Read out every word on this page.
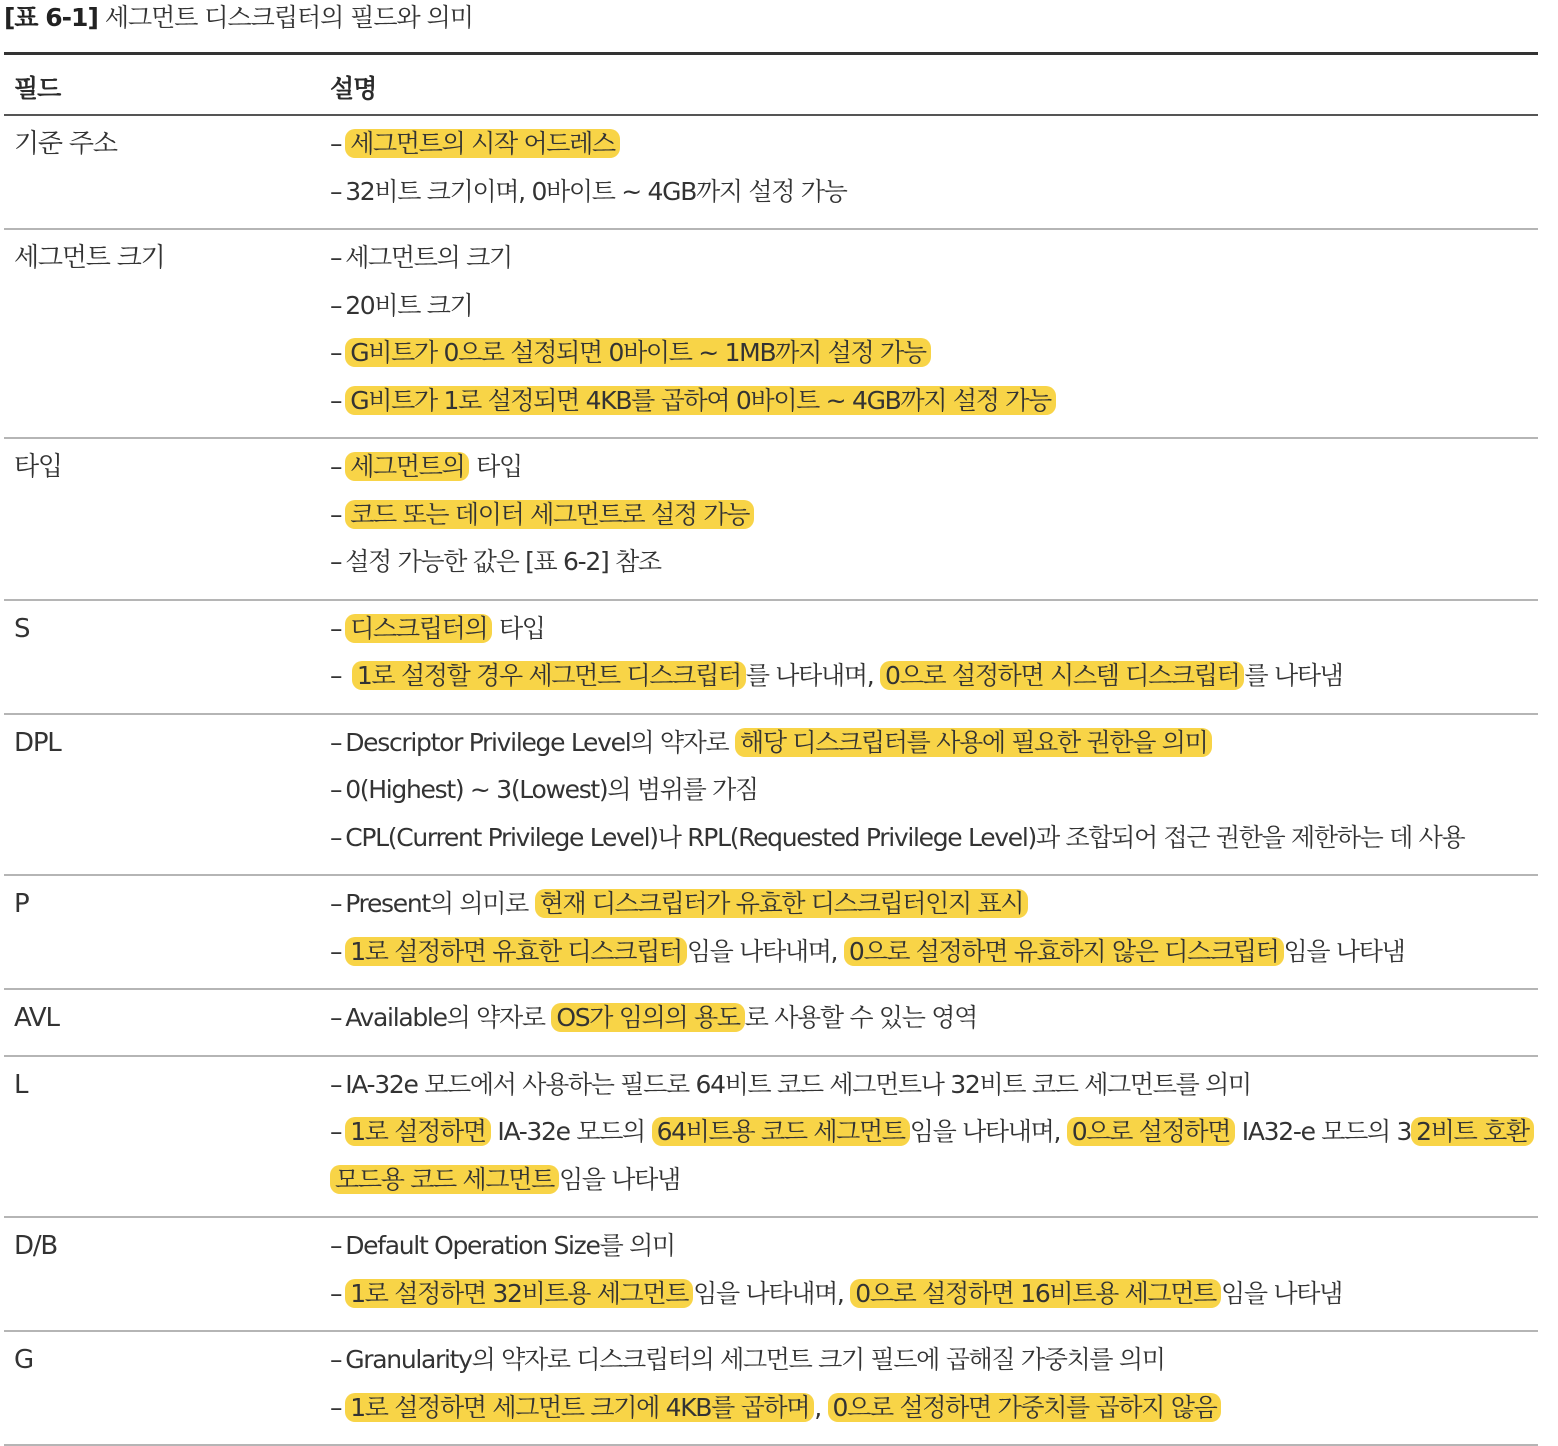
[표 6-1] 세그먼트 디스크립터의 필드와 의미
필드	설명
기준 주소	– 세그먼트의 시작 어드레스
– 32비트 크기이며, 0바이트 ~ 4GB까지 설정 가능
세그먼트 크기	– 세그먼트의 크기
– 20비트 크기
– G비트가 0으로 설정되면 0바이트 ~ 1MB까지 설정 가능
– G비트가 1로 설정되면 4KB를 곱하여 0바이트 ~ 4GB까지 설정 가능
타입	– 세그먼트의 타입
– 코드 또는 데이터 세그먼트로 설정 가능
– 설정 가능한 값은 [표 6-2] 참조
S	– 디스크립터의 타입
– 1로 설정할 경우 세그먼트 디스크립터 를 나타내며, 0으로 설정하면 시스템 디스크립터 를 나타냄
DPL	– Descriptor Privilege Level의 약자로 해당 디스크립터를 사용에 필요한 권한을 의미
– 0(Highest) ~ 3(Lowest)의 범위를 가짐
– CPL(Current Privilege Level)나 RPL(Requested Privilege Level)과 조합되어 접근 권한을 제한하는 데 사용
P	– Present의 의미로 현재 디스크립터가 유효한 디스크립터인지 표시
– 1로 설정하면 유효한 디스크립터 임을 나타내며, 0으로 설정하면 유효하지 않은 디스크립터 임을 나타냄
AVL	– Available의 약자로 OS가 임의의 용도 로 사용할 수 있는 영역
L	– IA-32e 모드에서 사용하는 필드로 64비트 코드 세그먼트나 32비트 코드 세그먼트를 의미
– 1로 설정하면 IA-32e 모드의 64비트용 코드 세그먼트 임을 나타내며, 0으로 설정하면 IA32-e 모드의 3 2비트 호환
모드용 코드 세그먼트 임을 나타냄
D/B	– Default Operation Size를 의미
– 1로 설정하면 32비트용 세그먼트 임을 나타내며, 0으로 설정하면 16비트용 세그먼트 임을 나타냄
G	– Granularity의 약자로 디스크립터의 세그먼트 크기 필드에 곱해질 가중치를 의미
– 1로 설정하면 세그먼트 크기에 4KB를 곱하며 , 0으로 설정하면 가중치를 곱하지 않음
